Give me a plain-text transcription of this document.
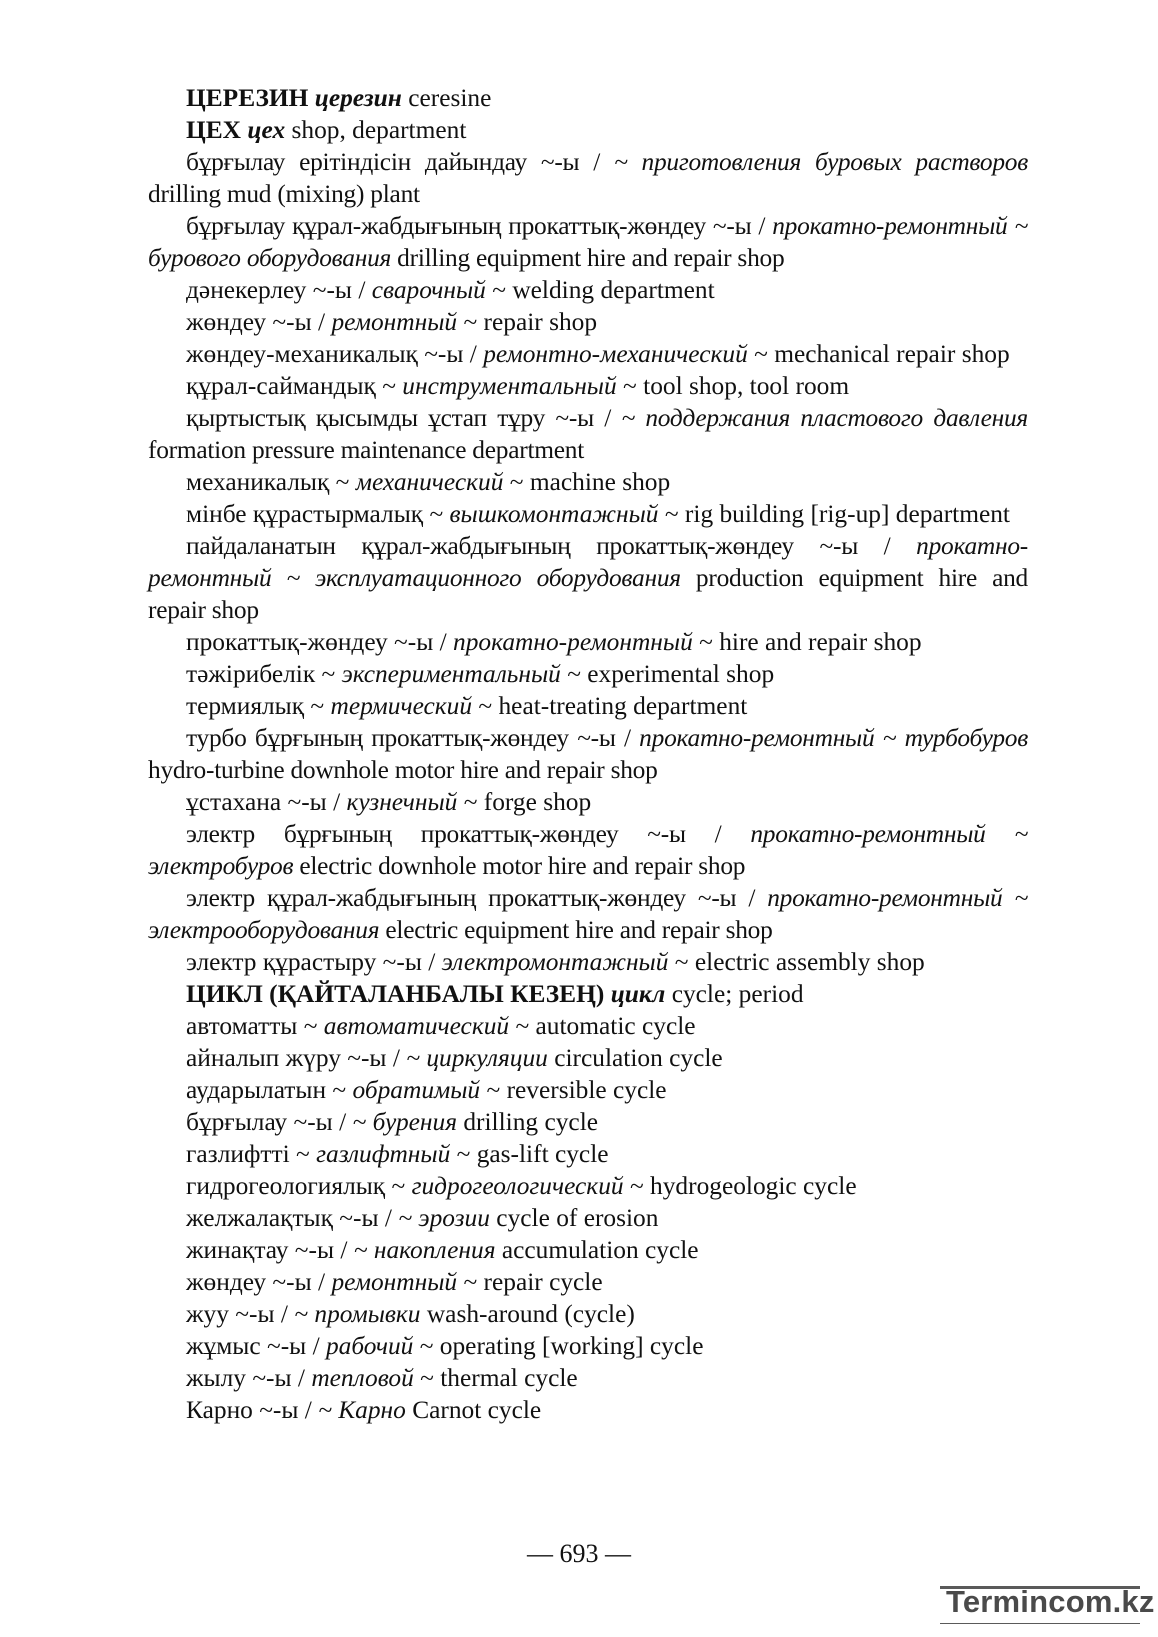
ЦЕРЕЗИН церезин ceresine

ЦЕХ цех shop, department

бұрғылау ерітіндісін дайындау ~-ы / ~ приготовления буровых растворов drilling mud (mixing) plant

бұрғылау құрал-жабдығының прокаттық-жөндеу ~-ы / прокатно-ремонтный ~ бурового оборудования drilling equipment hire and repair shop

дәнекерлеу ~-ы / сварочный ~ welding department

жөндеу ~-ы / ремонтный ~ repair shop

жөндеу-механикалық ~-ы / ремонтно-механический ~ mechanical repair shop

құрал-саймандық ~ инструментальный ~ tool shop, tool room

қыртыстық қысымды ұстап тұру ~-ы / ~ поддержания пластового давления formation pressure maintenance department

механикалық ~ механический ~ machine shop

мінбе құрастырмалық ~ вышкомонтажный ~ rig building [rig-up] department

пайдаланатын құрал-жабдығының прокаттық-жөндеу ~-ы / прокатно-ремонтный ~ эксплуатационного оборудования production equipment hire and repair shop

прокаттық-жөндеу ~-ы / прокатно-ремонтный ~ hire and repair shop

тәжірибелік ~ экспериментальный ~ experimental shop

термиялық ~ термический ~ heat-treating department

турбо бұрғының прокаттық-жөндеу ~-ы / прокатно-ремонтный ~ турбобуров hydro-turbine downhole motor hire and repair shop

ұстахана ~-ы / кузнечный ~ forge shop

электр бұрғының прокаттық-жөндеу ~-ы / прокатно-ремонтный ~ электробуров electric downhole motor hire and repair shop

электр құрал-жабдығының прокаттық-жөндеу ~-ы / прокатно-ремонтный ~ электрооборудования electric equipment hire and repair shop

электр құрастыру ~-ы / электромонтажный ~ electric assembly shop

ЦИКЛ (ҚАЙТАЛАНБАЛЫ КЕЗЕҢ) цикл cycle; period

автоматты ~ автоматический ~ automatic cycle

айналып жүру ~-ы / ~ циркуляции circulation cycle

аударылатын ~ обратимый ~ reversible cycle

бұрғылау ~-ы / ~ бурения drilling cycle

газлифтті ~ газлифтный ~ gas-lift cycle

гидрогеологиялық ~ гидрогеологический ~ hydrogeologic cycle

желжалақтық ~-ы / ~ эрозии cycle of erosion

жинақтау ~-ы / ~ накопления accumulation cycle

жөндеу ~-ы / ремонтный ~ repair cycle

жуу ~-ы / ~ промывки wash-around (cycle)

жұмыс ~-ы / рабочий ~ operating [working] cycle

жылу ~-ы / тепловой ~ thermal cycle

Карно ~-ы / ~ Карно Carnot cycle

— 693 —
Termincom.kz
